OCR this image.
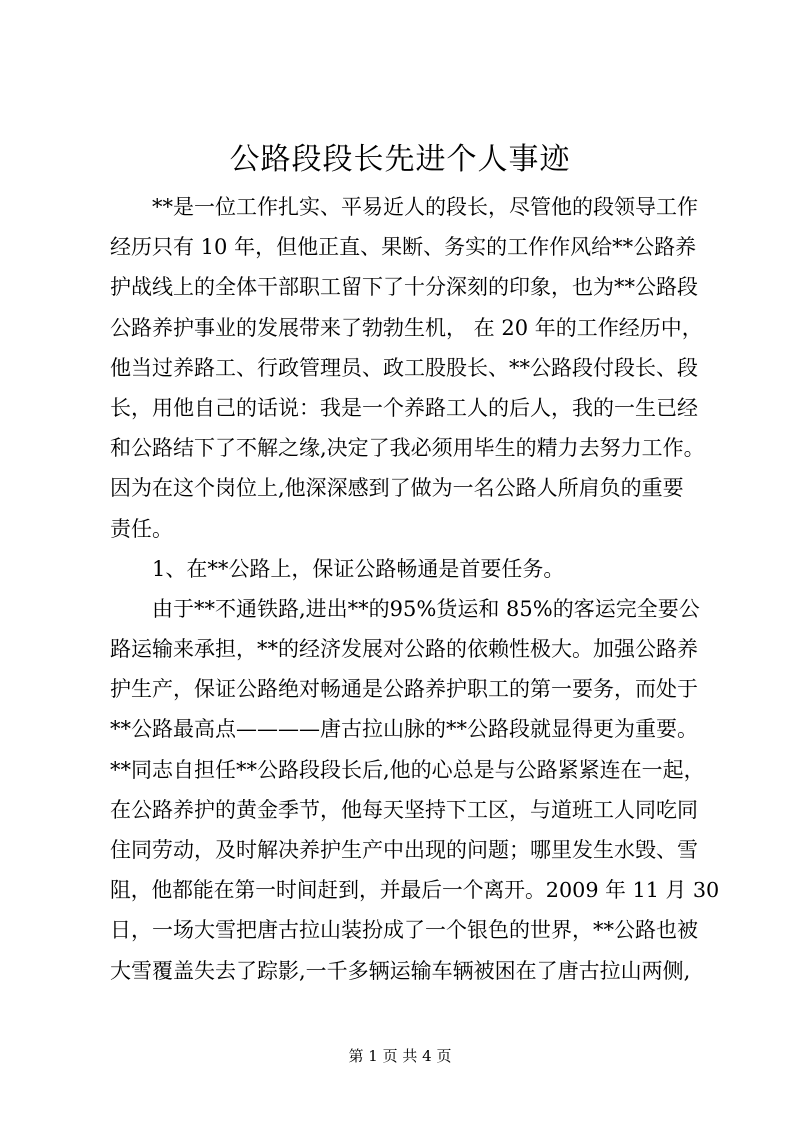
公路段段长先进个人事迹
　　**是一位工作扎实、平易近人的段长，尽管他的段领导工作
经历只有 10 年，但他正直、果断、务实的工作作风给**公路养
护战线上的全体干部职工留下了十分深刻的印象，也为**公路段
公路养护事业的发展带来了勃勃生机， 在 20 年的工作经历中，
他当过养路工、行政管理员、政工股股长、**公路段付段长、段
长，用他自己的话说：我是一个养路工人的后人，我的一生已经
和公路结下了不解之缘,决定了我必须用毕生的精力去努力工作。
因为在这个岗位上,他深深感到了做为一名公路人所肩负的重要
责任。
　　1、在**公路上，保证公路畅通是首要任务。
　　由于**不通铁路,进出**的95%货运和 85%的客运完全要公
路运输来承担，**的经济发展对公路的依赖性极大。加强公路养
护生产，保证公路绝对畅通是公路养护职工的第一要务，而处于
**公路最高点————唐古拉山脉的**公路段就显得更为重要。
**同志自担任**公路段段长后,他的心总是与公路紧紧连在一起，
在公路养护的黄金季节，他每天坚持下工区，与道班工人同吃同
住同劳动，及时解决养护生产中出现的问题；哪里发生水毁、雪
阻，他都能在第一时间赶到，并最后一个离开。2009 年 11 月 30
日，一场大雪把唐古拉山装扮成了一个银色的世界，**公路也被
大雪覆盖失去了踪影,一千多辆运输车辆被困在了唐古拉山两侧,
第 1 页 共 4 页
